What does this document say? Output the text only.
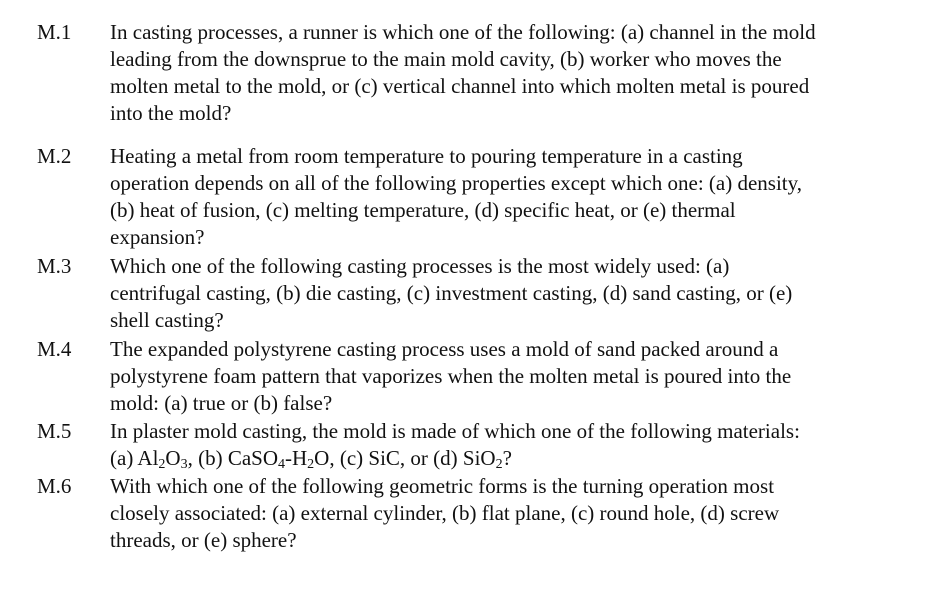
M.1 In casting processes, a runner is which one of the following: (a) channel in the mold
leading from the downsprue to the main mold cavity, (b) worker who moves the
molten metal to the mold, or (c) vertical channel into which molten metal is poured
into the mold?
M.2 Heating a metal from room temperature to pouring temperature in a casting
operation depends on all of the following properties except which one: (a) density,
(b) heat of fusion, (c) melting temperature, (d) specific heat, or (e) thermal
expansion?
M.3 Which one of the following casting processes is the most widely used: (a)
centrifugal casting, (b) die casting, (c) investment casting, (d) sand casting, or (e)
shell casting?
M.4 The expanded polystyrene casting process uses a mold of sand packed around a
polystyrene foam pattern that vaporizes when the molten metal is poured into the
mold: (a) true or (b) false?
M.5 In plaster mold casting, the mold is made of which one of the following materials:
(a) $Al_2O_3$, (b) $CaSO_4-H_2O$, (c) SiC, or (d) SiO$_2$?
M.6 With which one of the following geometric forms is the turning operation most
closely associated: (a) external cylinder, (b) flat plane, (c) round hole, (d) screw
threads, or (e) sphere?
